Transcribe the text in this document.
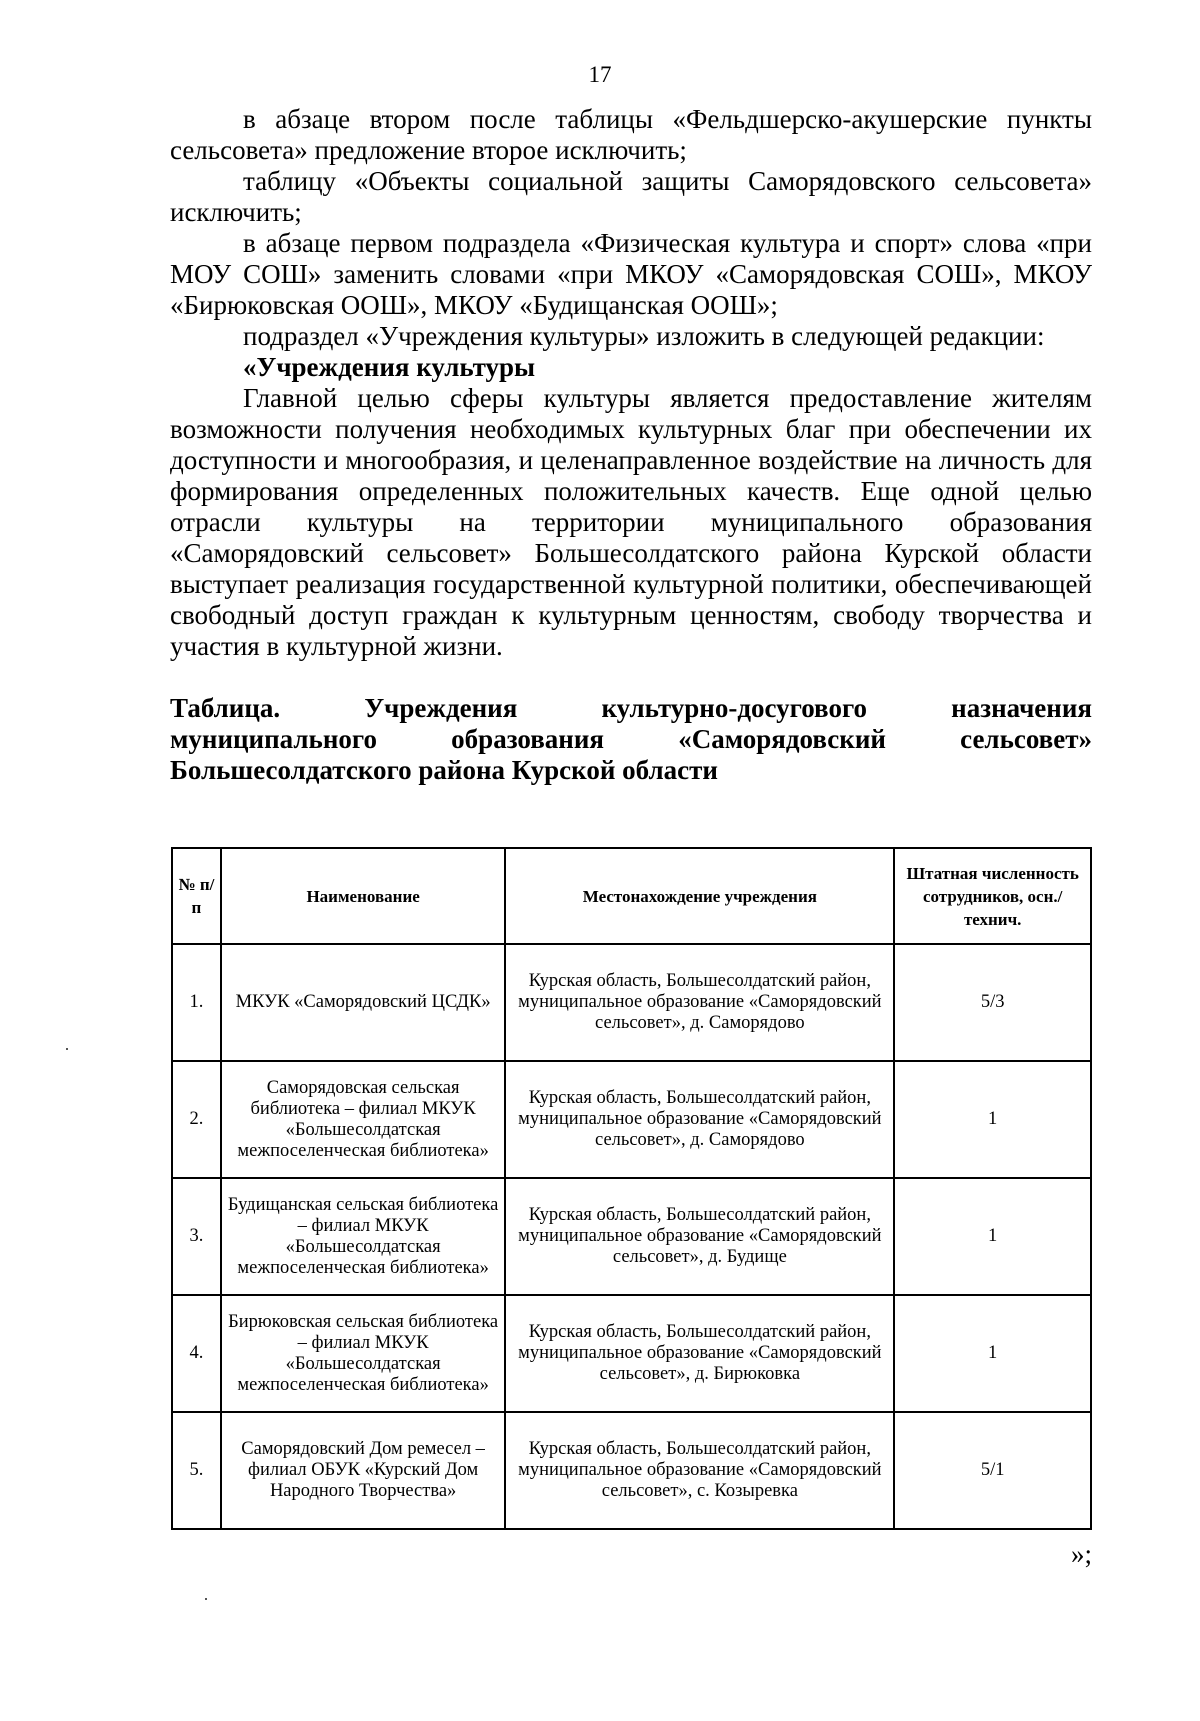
17

в абзаце втором после таблицы «Фельдшерско-акушерские пункты сельсовета» предложение второе исключить;

таблицу «Объекты социальной защиты Саморядовского сельсовета» исключить;

в абзаце первом подраздела «Физическая культура и спорт» слова «при МОУ СОШ» заменить словами «при МКОУ «Саморядовская СОШ», МКОУ «Бирюковская ООШ», МКОУ «Будищанская ООШ»;

подраздел «Учреждения культуры» изложить в следующей редакции:

«Учреждения культуры

Главной целью сферы культуры является предоставление жителям возможности получения необходимых культурных благ при обеспечении их доступности и многообразия, и целенаправленное воздействие на личность для формирования определенных положительных качеств. Еще одной целью отрасли культуры на территории муниципального образования «Саморядовский сельсовет» Большесолдатского района Курской области выступает реализация государственной культурной политики, обеспечивающей свободный доступ граждан к культурным ценностям, свободу творчества и участия в культурной жизни.

Таблица. Учреждения культурно-досугового назначения
муниципального образования «Саморядовский сельсовет»
Большесолдатского района Курской области

№ п/п	Наименование	Местонахождение учреждения	Штатная численность сотрудников, осн./технич.
1.	МКУК «Саморядовский ЦСДК»	Курская область, Большесолдатский район, муниципальное образование «Саморядовский сельсовет», д. Саморядово	5/3
2.	Саморядовская сельская библиотека – филиал МКУК «Большесолдатская межпоселенческая библиотека»	Курская область, Большесолдатский район, муниципальное образование «Саморядовский сельсовет», д. Саморядово	1
3.	Будищанская сельская библиотека – филиал МКУК «Большесолдатская межпоселенческая библиотека»	Курская область, Большесолдатский район, муниципальное образование «Саморядовский сельсовет», д. Будище	1
4.	Бирюковская сельская библиотека – филиал МКУК «Большесолдатская межпоселенческая библиотека»	Курская область, Большесолдатский район, муниципальное образование «Саморядовский сельсовет», д. Бирюковка	1
5.	Саморядовский Дом ремесел – филиал ОБУК «Курский Дом Народного Творчества»	Курская область, Большесолдатский район, муниципальное образование «Саморядовский сельсовет», с. Козыревка	5/1
»;
